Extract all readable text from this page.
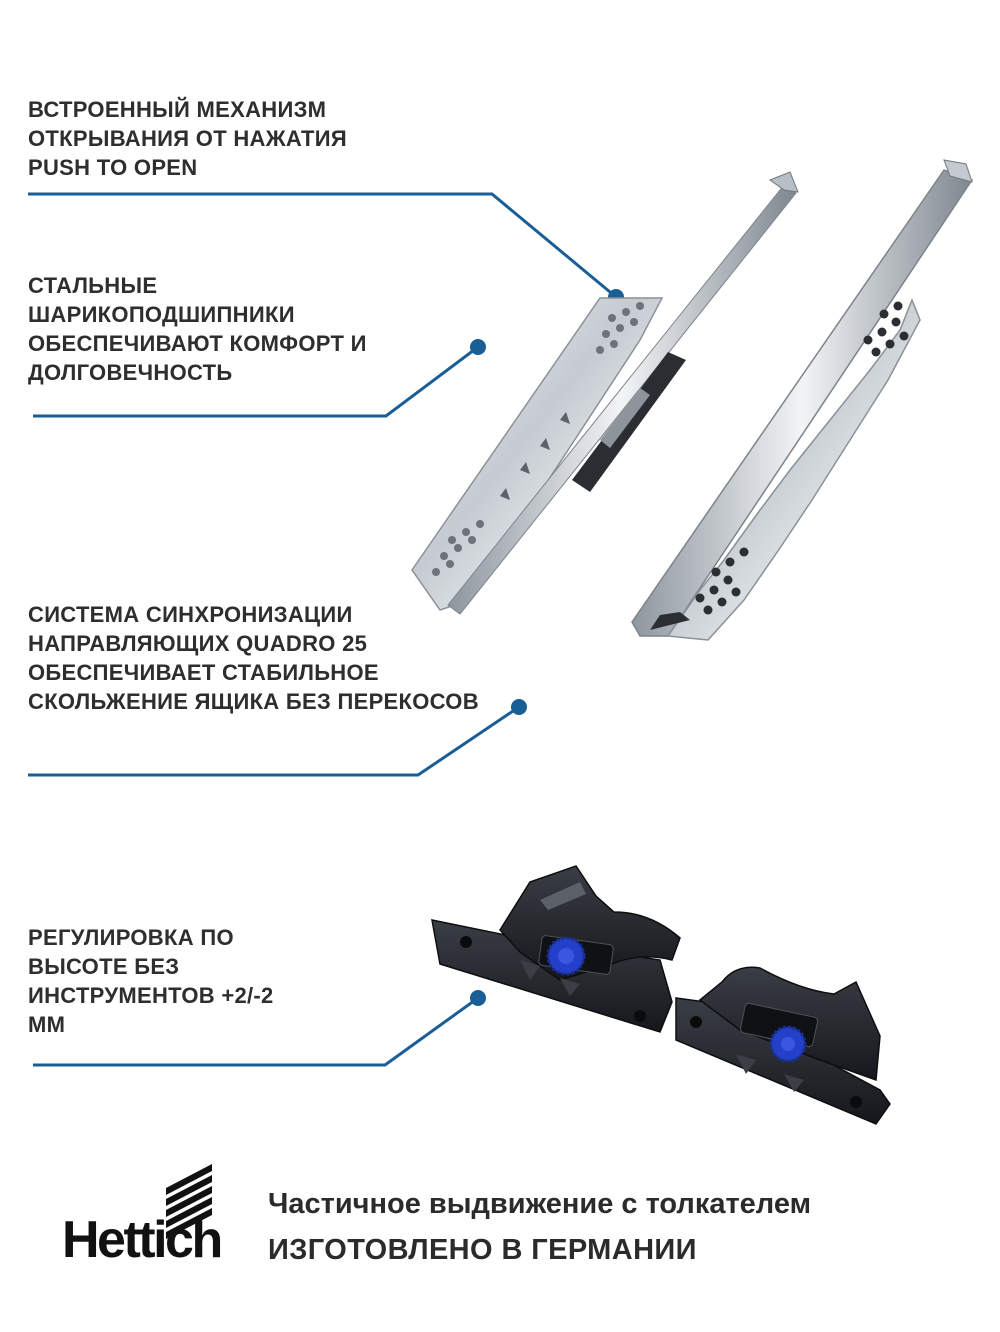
ВСТРОЕННЫЙ МЕХАНИЗМ
ОТКРЫВАНИЯ ОТ НАЖАТИЯ
PUSH TO OPEN

СТАЛЬНЫЕ
ШАРИКОПОДШИПНИКИ
ОБЕСПЕЧИВАЮТ КОМФОРТ И
ДОЛГОВЕЧНОСТЬ

СИСТЕМА СИНХРОНИЗАЦИИ
НАПРАВЛЯЮЩИХ QUADRO 25
ОБЕСПЕЧИВАЕТ СТАБИЛЬНОЕ
СКОЛЬЖЕНИЕ ЯЩИКА БЕЗ ПЕРЕКОСОВ

РЕГУЛИРОВКА ПО
ВЫСОТЕ БЕЗ
ИНСТРУМЕНТОВ +2/-2
ММ

Hettich

Частичное выдвижение с толкателем

ИЗГОТОВЛЕНО В ГЕРМАНИИ
